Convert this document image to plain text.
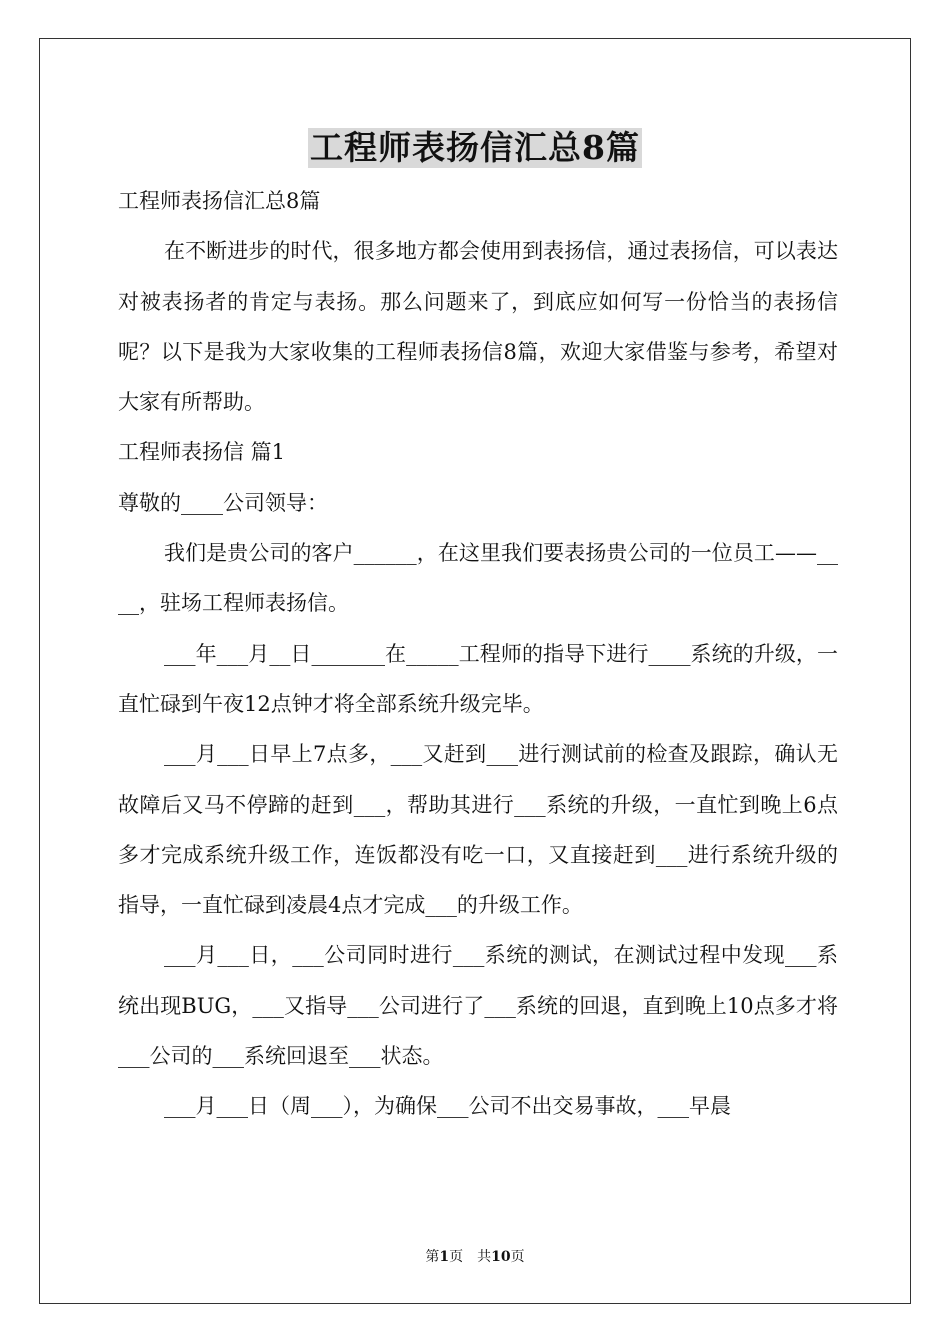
工程师表扬信汇总8篇

工程师表扬信汇总8篇

在不断进步的时代，很多地方都会使用到表扬信，通过表扬信，可以表达对被表扬者的肯定与表扬。那么问题来了，到底应如何写一份恰当的表扬信呢？以下是我为大家收集的工程师表扬信8篇，欢迎大家借鉴与参考，希望对大家有所帮助。

工程师表扬信 篇1

尊敬的____公司领导：

我们是贵公司的客户______，在这里我们要表扬贵公司的一位员工——____，驻场工程师表扬信。

___年___月__日_______在_____工程师的指导下进行____系统的升级，一直忙碌到午夜12点钟才将全部系统升级完毕。

___月___日早上7点多，___又赶到___进行测试前的检查及跟踪，确认无故障后又马不停蹄的赶到___，帮助其进行___系统的升级，一直忙到晚上6点多才完成系统升级工作，连饭都没有吃一口，又直接赶到___进行系统升级的指导，一直忙碌到凌晨4点才完成___的升级工作。

___月___日，___公司同时进行___系统的测试，在测试过程中发现___系统出现BUG，___又指导___公司进行了___系统的回退，直到晚上10点多才将___公司的___系统回退至___状态。

___月___日（周___），为确保___公司不出交易事故，___早晨

第1页　共10页
